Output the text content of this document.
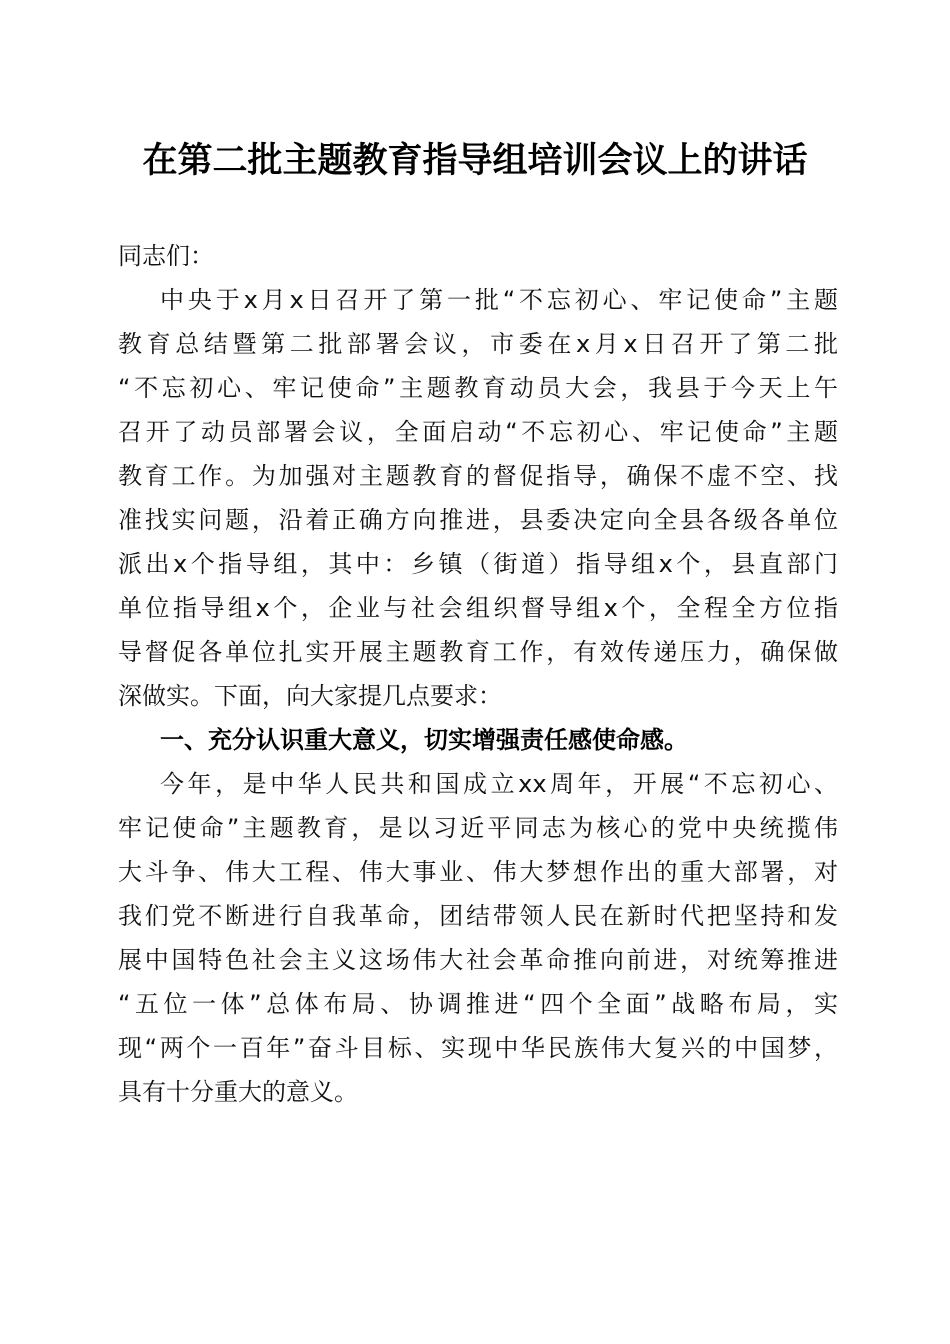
在第二批主题教育指导组培训会议上的讲话
同志们：
中央于x月x日召开了第一批“不忘初心、牢记使命”主题
教育总结暨第二批部署会议，市委在x月x日召开了第二批
“不忘初心、牢记使命”主题教育动员大会，我县于今天上午
召开了动员部署会议，全面启动“不忘初心、牢记使命”主题
教育工作。为加强对主题教育的督促指导，确保不虚不空、找
准找实问题，沿着正确方向推进，县委决定向全县各级各单位
派出x个指导组，其中：乡镇（街道）指导组x个，县直部门
单位指导组x个，企业与社会组织督导组x个，全程全方位指
导督促各单位扎实开展主题教育工作，有效传递压力，确保做
深做实。下面，向大家提几点要求：
一、充分认识重大意义，切实增强责任感使命感。
今年，是中华人民共和国成立xx周年，开展“不忘初心、
牢记使命”主题教育，是以习近平同志为核心的党中央统揽伟
大斗争、伟大工程、伟大事业、伟大梦想作出的重大部署，对
我们党不断进行自我革命，团结带领人民在新时代把坚持和发
展中国特色社会主义这场伟大社会革命推向前进，对统筹推进
“五位一体”总体布局、协调推进“四个全面”战略布局，实
现“两个一百年”奋斗目标、实现中华民族伟大复兴的中国梦，
具有十分重大的意义。
